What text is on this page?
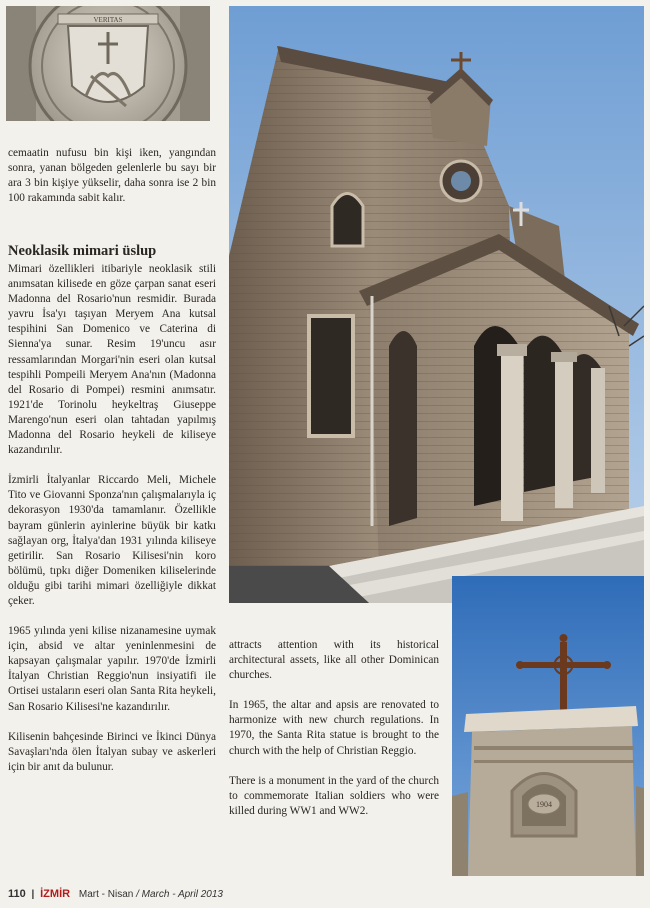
VERITAS
1904

cemaatin nufusu bin kişi iken, yangından sonra, yanan bölgeden gelenlerle bu sayı bir ara 3 bin kişiye yükselir, daha sonra ise 2 bin 100 rakamında sabit kalır.

Neoklasik mimari üslup

Mimari özellikleri itibariyle neoklasik stili anımsatan kilisede en göze çarpan sanat eseri Madonna del Rosario'nun resmidir. Burada yavru İsa'yı taşıyan Meryem Ana kutsal tespihini San Domenico ve Caterina di Sienna'ya sunar. Resim 19'uncu asır ressamlarından Morgari'nin eseri olan kutsal tespihli Pompeili Meryem Ana'nın (Madonna del Rosario di Pompei) resmini anımsatır. 1921'de Torinolu heykeltraş Giuseppe Marengo'nun eseri olan tahtadan yapılmış Madonna del Rosario heykeli de kiliseye kazandırılır.

İzmirli İtalyanlar Riccardo Meli, Michele Tito ve Giovanni Sponza'nın çalışmalarıyla iç dekorasyon 1930'da tamamlanır. Özellikle bayram günlerin ayinlerine büyük bir katkı sağlayan org, İtalya'dan 1931 yılında kiliseye getirilir. San Rosario Kilisesi'nin koro bölümü, tıpkı diğer Domeniken kiliselerinde olduğu gibi tarihi mimari özelliğiyle dikkat çeker.

1965 yılında yeni kilise nizanamesine uymak için, absid ve altar yeninlenmesini de kapsayan çalışmalar yapılır. 1970'de İzmirli İtalyan Christian Reggio'nun insiyatifi ile Ortisei ustaların eseri olan Santa Rita heykeli, San Rosario Kilisesi'ne kazandırılır.

Kilisenin bahçesinde Birinci ve İkinci Dünya Savaşları'nda ölen İtalyan subay ve askerleri için bir anıt da bulunur.

attracts attention with its historical architectural assets, like all other Dominican churches.

In 1965, the altar and apsis are renovated to harmonize with new church regulations. In 1970, the Santa Rita statue is brought to the church with the help of Christian Reggio.

There is a monument in the yard of the church to commemorate Italian soldiers who were killed during WW1 and WW2.

110 | İZMİR Mart - Nisan / March - April 2013
